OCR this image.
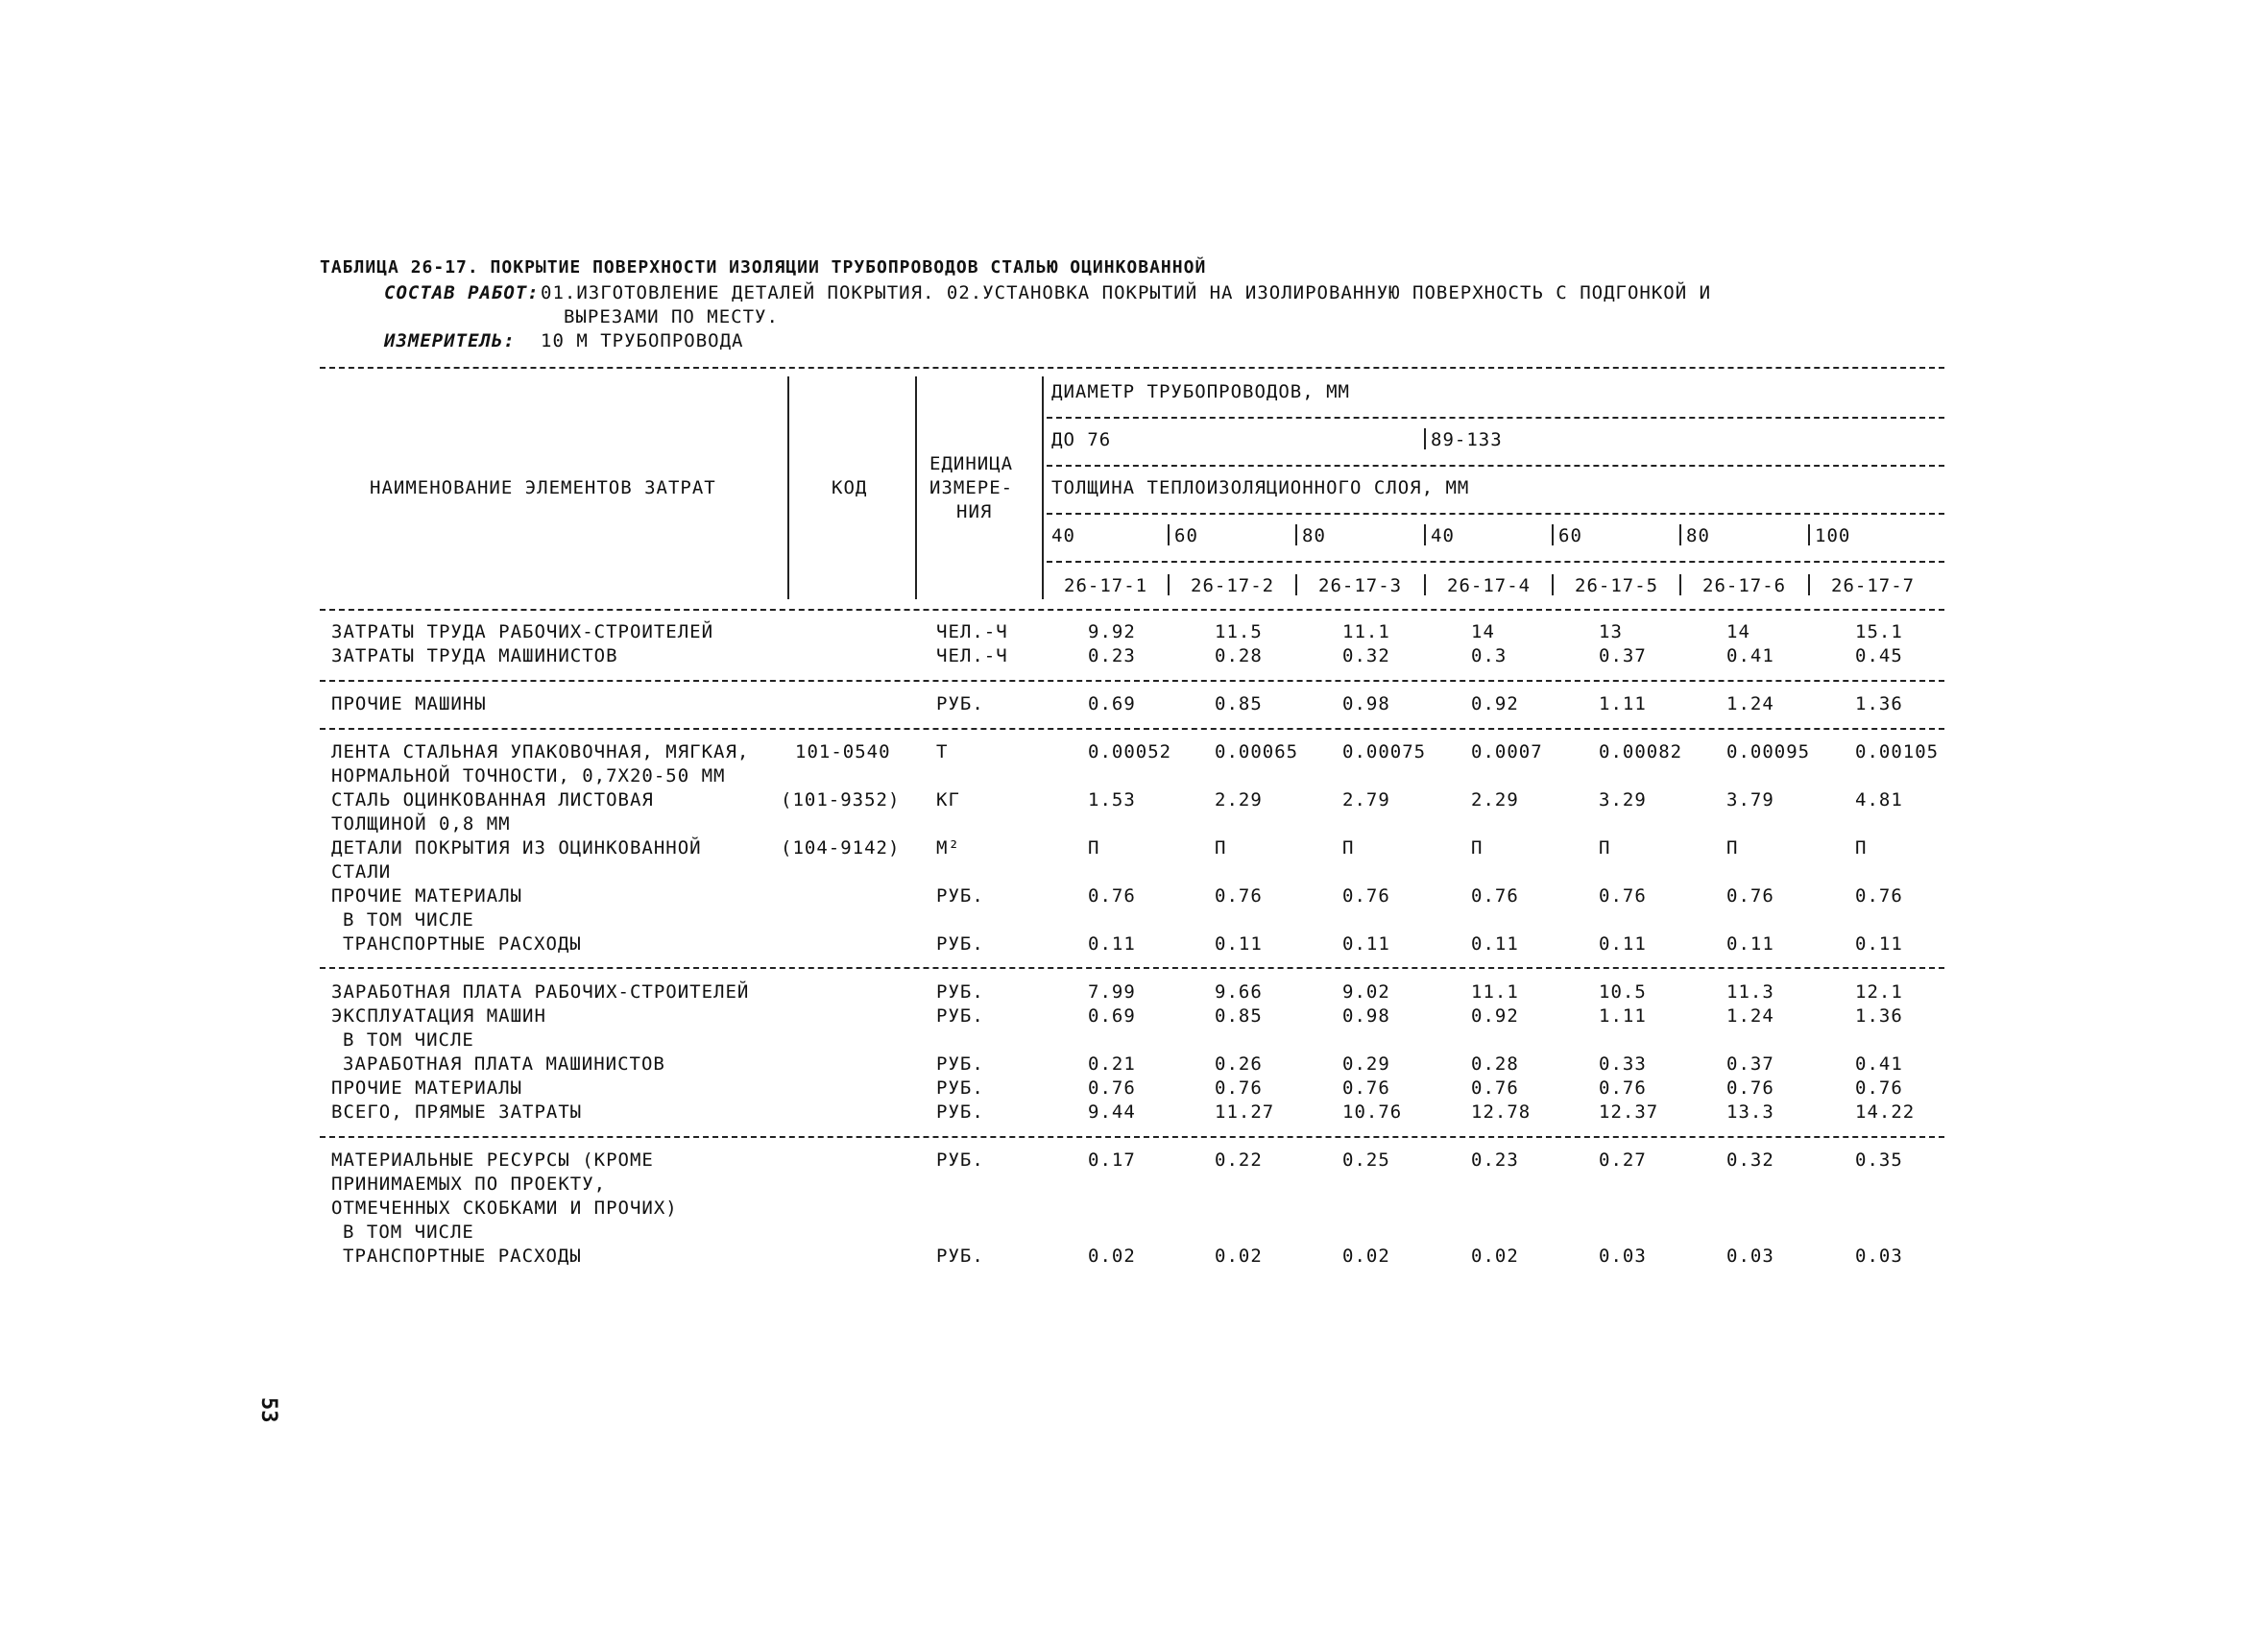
ТАБЛИЦА 26-17. ПОКРЫТИЕ ПОВЕРХНОСТИ ИЗОЛЯЦИИ ТРУБОПРОВОДОВ СТАЛЬЮ ОЦИНКОВАННОЙ
СОСТАВ РАБОТ: 01.ИЗГОТОВЛЕНИЕ ДЕТАЛЕЙ ПОКРЫТИЯ. 02.УСТАНОВКА ПОКРЫТИЙ НА ИЗОЛИРОВАННУЮ ПОВЕРХНОСТЬ С ПОДГОНКОЙ И
ВЫРЕЗАМИ ПО МЕСТУ.
ИЗМЕРИТЕЛЬ: 10 М ТРУБОПРОВОДА
НАИМЕНОВАНИЕ ЭЛЕМЕНТОВ ЗАТРАТ	КОД
ЕДИНИЦА
ИЗМЕРЕ-
НИЯ
ДИАМЕТР ТРУБОПРОВОДОВ, ММ
ДО 76	89-133
ТОЛЩИНА ТЕПЛОИЗОЛЯЦИОННОГО СЛОЯ, ММ
40	60	80	40	60	80	100
26-17-1 26-17-2 26-17-3 26-17-4 26-17-5 26-17-6 26-17-7
ЗАТРАТЫ ТРУДА РАБОЧИХ-СТРОИТЕЛЕЙ	ЧЕЛ.-Ч	9.92	11.5	11.1	14	13	14	15.1
ЗАТРАТЫ ТРУДА МАШИНИСТОВ	ЧЕЛ.-Ч	0.23	0.28	0.32	0.3	0.37	0.41	0.45
ПРОЧИЕ МАШИНЫ	РУБ.	0.69	0.85	0.98	0.92	1.11	1.24	1.36
ЛЕНТА СТАЛЬНАЯ УПАКОВОЧНАЯ, МЯГКАЯ,
НОРМАЛЬНОЙ ТОЧНОСТИ, 0,7Х20-50 ММ
101-0540 Т	0.00052 0.00065 0.00075 0.0007	0.00082 0.00095 0.00105
СТАЛЬ ОЦИНКОВАННАЯ ЛИСТОВАЯ
ТОЛЩИНОЙ 0,8 ММ
(101-9352) КГ	1.53	2.29	2.79	2.29	3.29	3.79	4.81
ДЕТАЛИ ПОКРЫТИЯ ИЗ ОЦИНКОВАННОЙ
СТАЛИ
(104-9142) М²	П	П	П	П	П	П	П
ПРОЧИЕ МАТЕРИАЛЫ	РУБ.	0.76	0.76	0.76	0.76	0.76	0.76	0.76
В ТОМ ЧИСЛЕ
ТРАНСПОРТНЫЕ РАСХОДЫ	РУБ.	0.11	0.11	0.11	0.11	0.11	0.11	0.11
ЗАРАБОТНАЯ ПЛАТА РАБОЧИХ-СТРОИТЕЛЕЙ	РУБ.	7.99	9.66	9.02	11.1	10.5	11.3	12.1
ЭКСПЛУАТАЦИЯ МАШИН	РУБ.	0.69	0.85	0.98	0.92	1.11	1.24	1.36
В ТОМ ЧИСЛЕ
ЗАРАБОТНАЯ ПЛАТА МАШИНИСТОВ	РУБ.	0.21	0.26	0.29	0.28	0.33	0.37	0.41
ПРОЧИЕ МАТЕРИАЛЫ	РУБ.	0.76	0.76	0.76	0.76	0.76	0.76	0.76
ВСЕГО, ПРЯМЫЕ ЗАТРАТЫ	РУБ.	9.44	11.27	10.76	12.78	12.37	13.3	14.22
МАТЕРИАЛЬНЫЕ РЕСУРСЫ (КРОМЕ
ПРИНИМАЕМЫХ ПО ПРОЕКТУ,
ОТМЕЧЕННЫХ СКОБКАМИ И ПРОЧИХ)
РУБ.	0.17	0.22	0.25	0.23	0.27	0.32	0.35
В ТОМ ЧИСЛЕ
ТРАНСПОРТНЫЕ РАСХОДЫ	РУБ.	0.02	0.02	0.02	0.02	0.03	0.03	0.03
53
